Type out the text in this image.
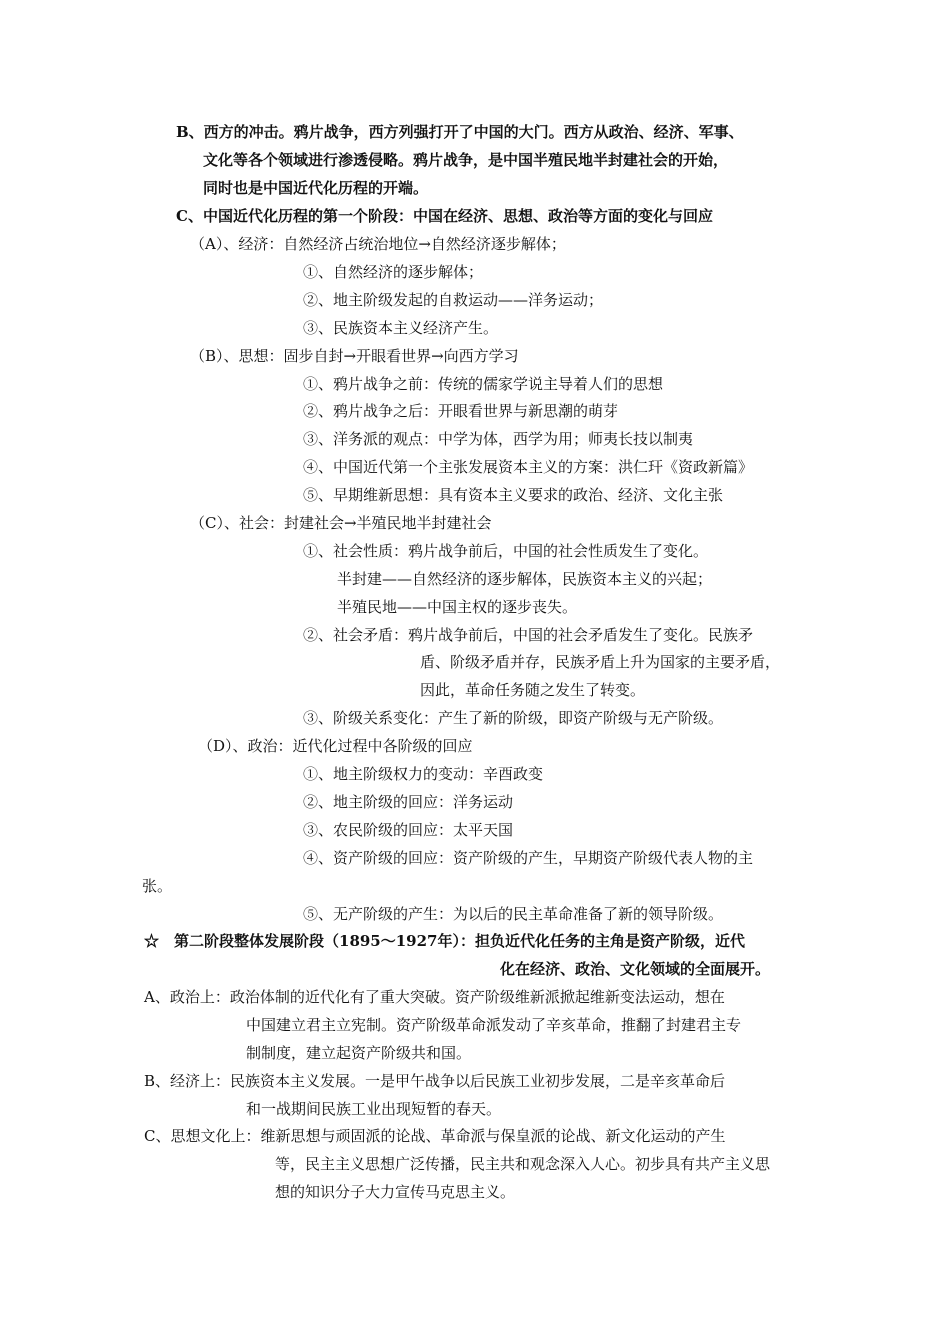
B、西方的冲击。鸦片战争，西方列强打开了中国的大门。西方从政治、经济、军事、
文化等各个领域进行渗透侵略。鸦片战争，是中国半殖民地半封建社会的开始，
同时也是中国近代化历程的开端。
C、中国近代化历程的第一个阶段：中国在经济、思想、政治等方面的变化与回应
（A）、经济：自然经济占统治地位→自然经济逐步解体；
①、自然经济的逐步解体；
②、地主阶级发起的自救运动——洋务运动；
③、民族资本主义经济产生。
（B）、思想：固步自封→开眼看世界→向西方学习
①、鸦片战争之前：传统的儒家学说主导着人们的思想
②、鸦片战争之后：开眼看世界与新思潮的萌芽
③、洋务派的观点：中学为体，西学为用；师夷长技以制夷
④、中国近代第一个主张发展资本主义的方案：洪仁玕《资政新篇》
⑤、早期维新思想：具有资本主义要求的政治、经济、文化主张
（C）、社会：封建社会→半殖民地半封建社会
①、社会性质：鸦片战争前后，中国的社会性质发生了变化。
半封建——自然经济的逐步解体，民族资本主义的兴起；
半殖民地——中国主权的逐步丧失。
②、社会矛盾：鸦片战争前后，中国的社会矛盾发生了变化。民族矛
盾、阶级矛盾并存，民族矛盾上升为国家的主要矛盾，
因此，革命任务随之发生了转变。
③、阶级关系变化：产生了新的阶级，即资产阶级与无产阶级。
（D）、政治：近代化过程中各阶级的回应
①、地主阶级权力的变动：辛酉政变
②、地主阶级的回应：洋务运动
③、农民阶级的回应：太平天国
④、资产阶级的回应：资产阶级的产生，早期资产阶级代表人物的主
张。
⑤、无产阶级的产生：为以后的民主革命准备了新的领导阶级。
☆　第二阶段整体发展阶段（1895～1927年）：担负近代化任务的主角是资产阶级，近代
化在经济、政治、文化领域的全面展开。
A、政治上：政治体制的近代化有了重大突破。资产阶级维新派掀起维新变法运动，想在
中国建立君主立宪制。资产阶级革命派发动了辛亥革命，推翻了封建君主专
制制度，建立起资产阶级共和国。
B、经济上：民族资本主义发展。一是甲午战争以后民族工业初步发展，二是辛亥革命后
和一战期间民族工业出现短暂的春天。
C、思想文化上：维新思想与顽固派的论战、革命派与保皇派的论战、新文化运动的产生
等，民主主义思想广泛传播，民主共和观念深入人心。初步具有共产主义思
想的知识分子大力宣传马克思主义。
